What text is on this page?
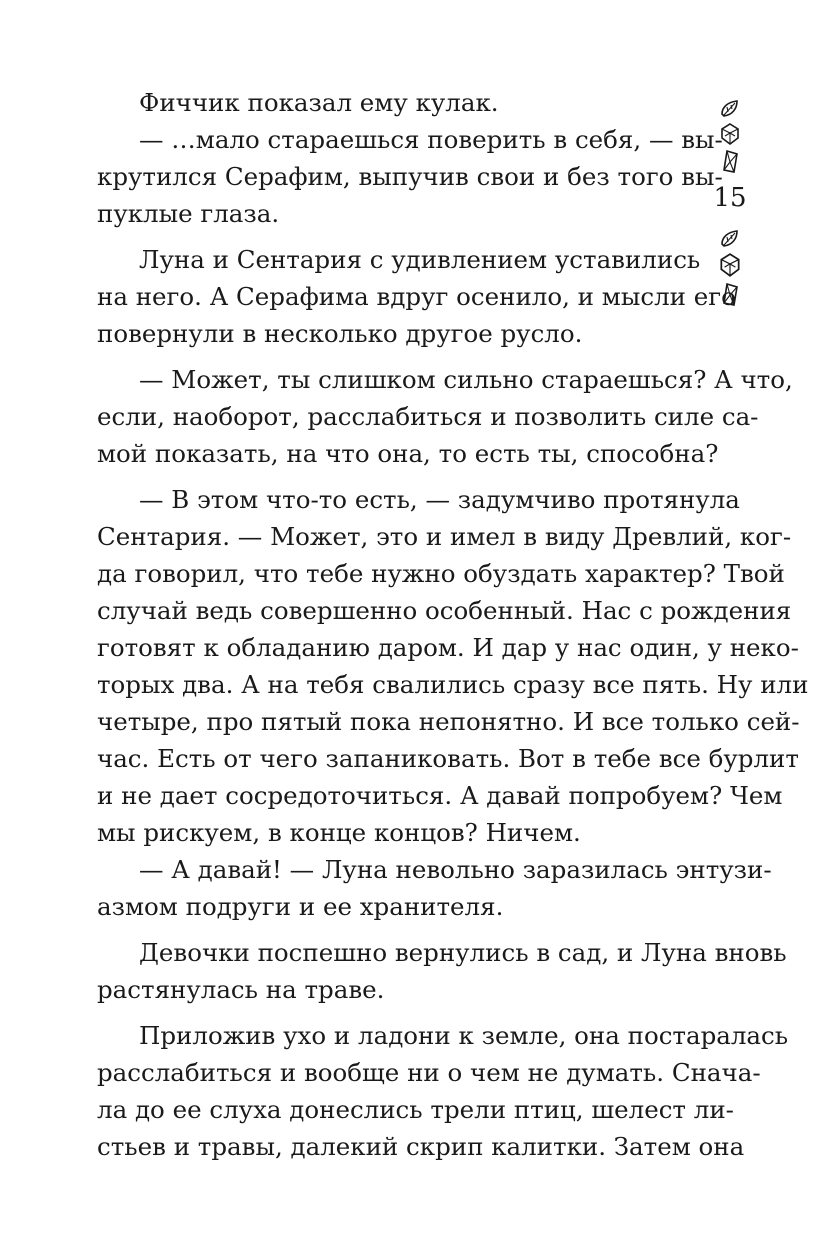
15
Фиччик показал ему кулак.
— …мало стараешься поверить в себя, — вы-
крутился Серафим, выпучив свои и без того вы-
пуклые глаза.
Луна и Сентария с удивлением уставились
на него. А Серафима вдруг осенило, и мысли его
повернули в несколько другое русло.
— Может, ты слишком сильно стараешься? А что,
если, наоборот, расслабиться и позволить силе са-
мой показать, на что она, то есть ты, способна?
— В этом что-то есть, — задумчиво протянула
Сентария. — Может, это и имел в виду Древлий, ког-
да говорил, что тебе нужно обуздать характер? Твой
случай ведь совершенно особенный. Нас с рождения
готовят к обладанию даром. И дар у нас один, у неко-
торых два. А на тебя свалились сразу все пять. Ну или
четыре, про пятый пока непонятно. И все только сей-
час. Есть от чего запаниковать. Вот в тебе все бурлит
и не дает сосредоточиться. А давай попробуем? Чем
мы рискуем, в конце концов? Ничем.
— А давай! — Луна невольно заразилась энтузи-
азмом подруги и ее хранителя.
Девочки поспешно вернулись в сад, и Луна вновь
растянулась на траве.
Приложив ухо и ладони к земле, она постаралась
расслабиться и вообще ни о чем не думать. Снача-
ла до ее слуха донеслись трели птиц, шелест ли-
стьев и травы, далекий скрип калитки. Затем она
